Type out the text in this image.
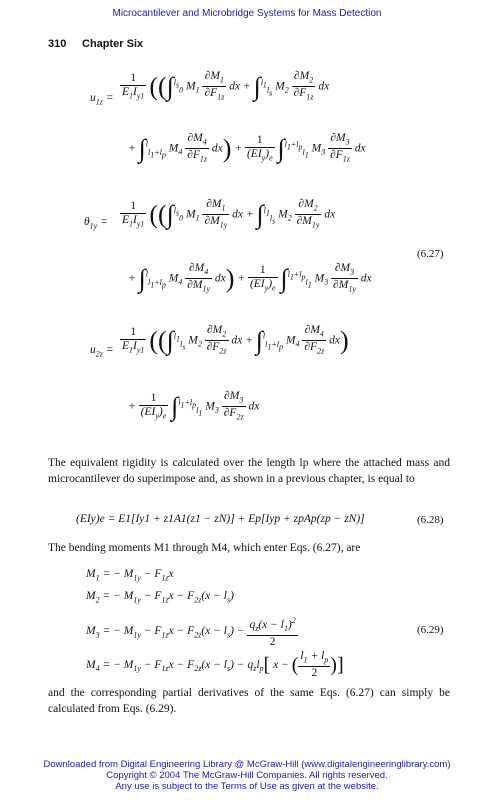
Microcantilever and Microbridge Systems for Mass Detection
310 Chapter Six
$u_{1z} = \frac{1}{E_1I_{y1}} ((\int^{l_s}_0$ $M_1 \frac{\partial M_1}{\partial F_{1z}}$ dx + ∫$^{l_1}_{l_s}$ $M_2 \frac{\partial M_2}{\partial F_{1z}}$ dx
+ ∫$^l_{l_1+l_p}$ $M_4 \frac{\partial M_4}{\partial F_{1z}} dx) + \frac{1}{(EI_y)_e} \int^{l_1+l_p}_{l_1}$ $M_3 \frac{\partial M_3}{\partial F_{1z}}$ dx
$\theta_{1y} = \frac{1}{E_1I_{y1}} ((\int^{l_s}_0$ $M_1 \frac{\partial M_1}{\partial M_{1y}}$ dx + ∫$^{l_1}_{l_s}$ $M_2 \frac{\partial M_2}{\partial M_{1y}}$ dx
(6.27)
+ ∫$^l_{l_1+l_p}$ $M_4 \frac{\partial M_4}{\partial M_{1y}} dx) + \frac{1}{(EI_y)_e} \int^{l_1+l_p}_{l_1}$ $M_3 \frac{\partial M_3}{\partial M_{1y}}$ dx
$u_{2z} = \frac{1}{E_1I_{y1}} ((\int^{l_1}_{l_s}$ $M_2 \frac{\partial M_2}{\partial F_{2z}}$ dx + ∫$^l_{l_1+l_p}$ $M_4 \frac{\partial M_4}{\partial F_{2z}} dx$)
+ $\frac{1}{(EI_y)_e} \int^{l_1+l_p}_{l_1}$ $M_3 \frac{\partial M_3}{\partial F_{2z}}$ dx
The equivalent rigidity is calculated over the length lp where the attached mass and microcantilever do superimpose and, as shown in a previous chapter, is equal to
(EIy)e = E1[Iy1 + z1A1(z1 − zN)] + Ep[Iyp + zpAp(zp − zN)]	(6.28)
The bending moments M1 through M4, which enter Eqs. (6.27), are
$M_1$ = − $M_{1y} - F_{1z}x$
$M_2$ = − $M_{1y} - F_{1z}x - F_{2z}(x - l_s)$
$M_3$ = − $M_{1y} - F_{1z}x - F_{2z}(x - l_s) - \frac{q_z(x - l_1)^2}{2}$	(6.29)
$M_4$ = − $M_{1y} - F_{1z}x - F_{2z}(x - l_s) - q_zl_p$[ x − ( $\frac{l_1 + l_p}{2}$ )]
and the corresponding partial derivatives of the same Eqs. (6.27) can simply be calculated from Eqs. (6.29).
Downloaded from Digital Engineering Library @ McGraw-Hill (www.digitalengineeringlibrary.com)
Copyright © 2004 The McGraw-Hill Companies. All rights reserved.
Any use is subject to the Terms of Use as given at the website.
